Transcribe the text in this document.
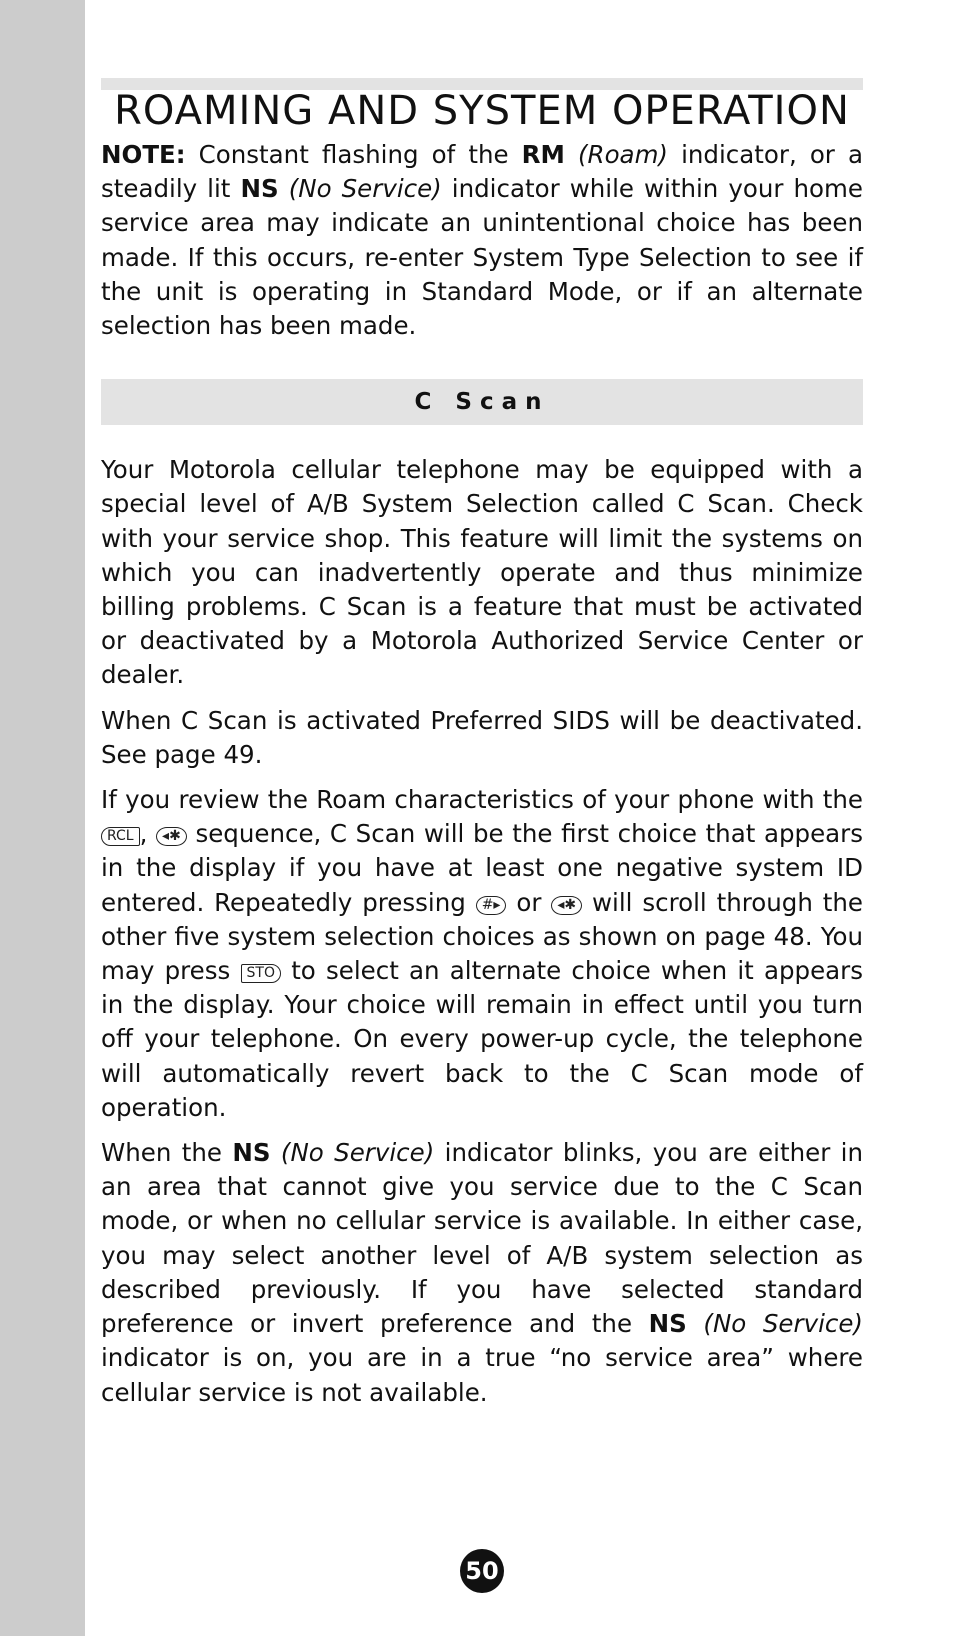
ROAMING AND SYSTEM OPERATION

NOTE: Constant flashing of the RM (Roam) indicator, or a steadily lit NS (No Service) indicator while within your home service area may indicate an unintentional choice has been made. If this occurs, re-enter System Type Selection to see if the unit is operating in Standard Mode, or if an alternate selection has been made.

C Scan

Your Motorola cellular telephone may be equipped with a special level of A/B System Selection called C Scan. Check with your service shop. This feature will limit the systems on which you can inadvertently operate and thus minimize billing problems. C Scan is a feature that must be activated or deactivated by a Motorola Authorized Service Center or dealer.

When C Scan is activated Preferred SIDS will be deactivated. See page 49.

If you review the Roam characteristics of your phone with the RCL , ◂✱ sequence, C Scan will be the first choice that appears in the display if you have at least one negative system ID entered. Repeatedly pressing #▸ or ◂✱ will scroll through the other five system selection choices as shown on page 48. You may press STO to select an alternate choice when it appears in the display. Your choice will remain in effect until you turn off your telephone. On every power-up cycle, the telephone will automatically revert back to the C Scan mode of operation.

When the NS (No Service) indicator blinks, you are either in an area that cannot give you service due to the C Scan mode, or when no cellular service is available. In either case, you may select another level of A/B system selection as described previously. If you have selected standard preference or invert preference and the NS (No Service) indicator is on, you are in a true “no service area” where cellular service is not available.

50
